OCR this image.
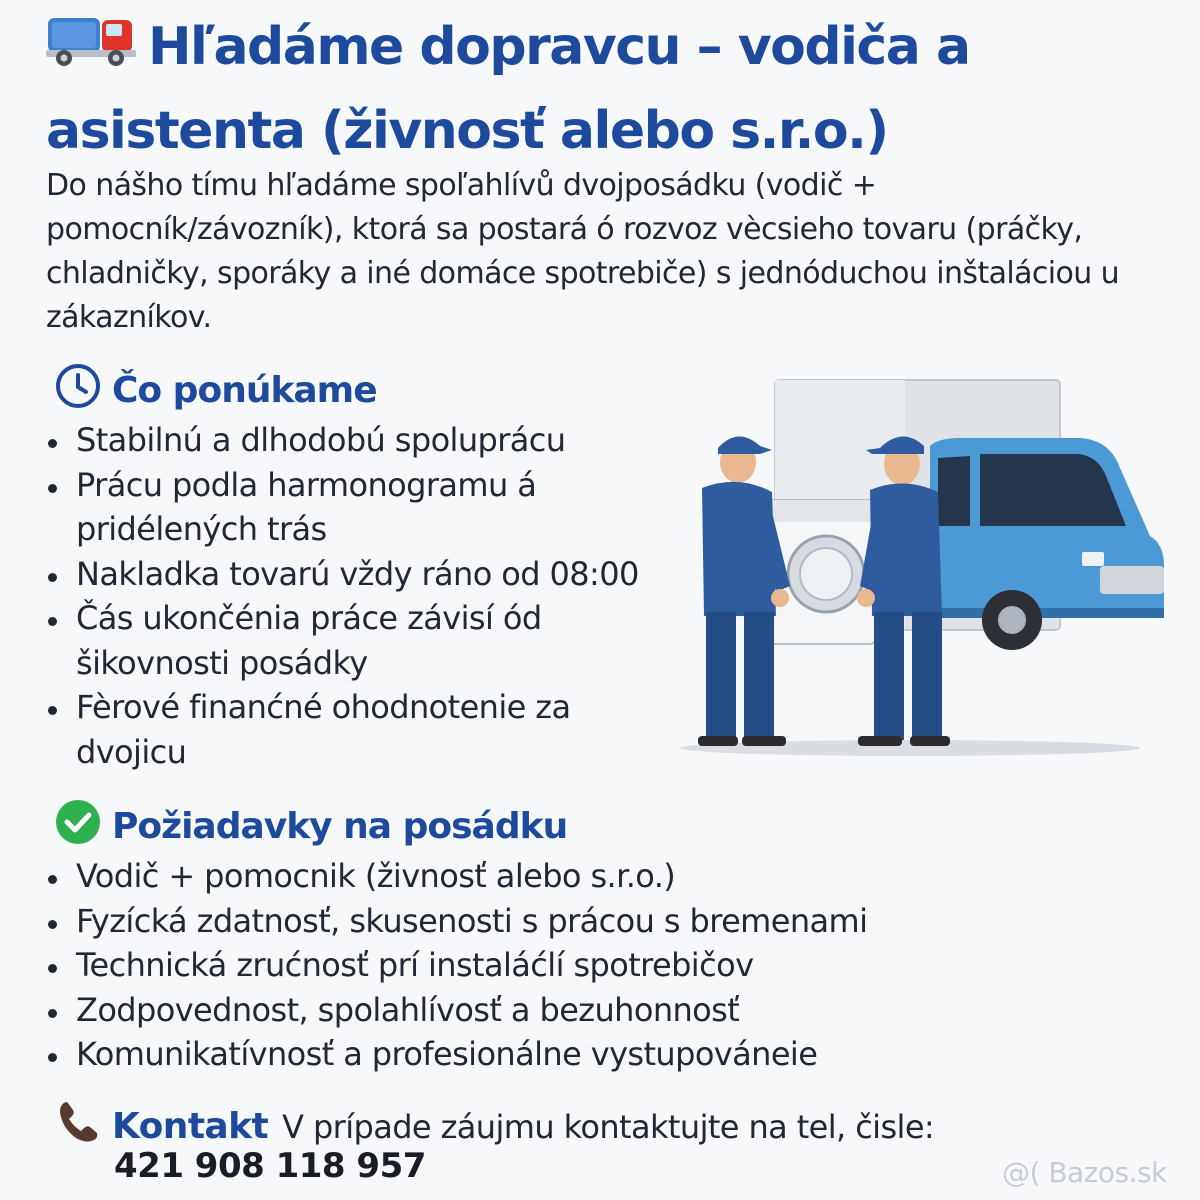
Hľadáme dopravcu – vodiča a asistenta (živnosť alebo s.r.o.)

Do nášho tímu hľadáme spoľahlívů dvojposádku (vodič + pomocník/závozník), ktorá sa postará ó rozvoz vècsieho tovaru (práčky, chladničky, sporáky a iné domáce spotrebiče) s jednóduchou inštaláciou u zákazníkov.

Čo ponúkame
Stabilnú a dlhodobú spoluprácu
Prácu podla harmonogramu á pridélených trás
Nakladka tovarú vždy ráno od 08:00
Čás ukončénia práce závisí ód šikovnosti posádky
Fèrové finanćné ohodnotenie za dvojicu
Požiadavky na posádku
Vodič + pomocnik (živnosť alebo s.r.o.)
Fyzícká zdatnosť, skusenosti s prácou s bremenami
Technická zrućnosť prí instaláćlí spotrebičov
Zodpovednost, spolahlívosť a bezuhonnosť
Komunikatívnosť a profesionálne vystupováneie
Kontakt V prípade záujmu kontaktujte na tel, čisle:
421 908 118 957	@( Bazos.sk
